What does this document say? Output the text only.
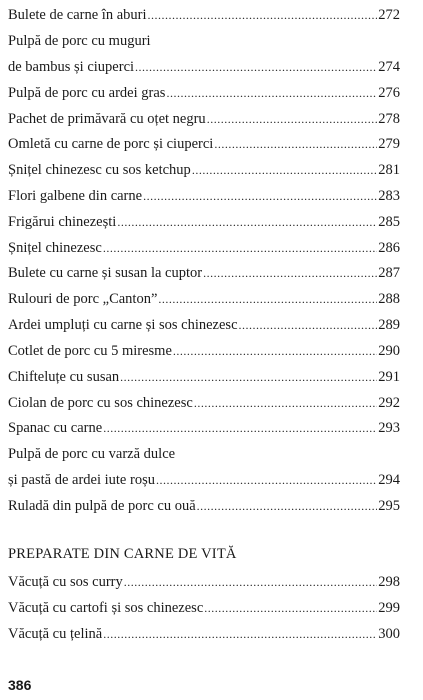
Bulete de carne în aburi .....	272
Pulpă de porc cu muguri
de bambus și ciuperci .....	274
Pulpă de porc cu ardei gras .....	276
Pachet de primăvară cu oțet negru .....	278
Omletă cu carne de porc și ciuperci .....	279
Șnițel chinezesc cu sos ketchup .....	281
Flori galbene din carne .....	283
Frigărui chinezești .....	285
Șnițel chinezesc .....	286
Bulete cu carne și susan la cuptor .....	287
Rulouri de porc „Canton” .....	288
Ardei umpluți cu carne și sos chinezesc .....	289
Cotlet de porc cu 5 miresme .....	290
Chifteluțe cu susan .....	291
Ciolan de porc cu sos chinezesc .....	292
Spanac cu carne .....	293
Pulpă de porc cu varză dulce
și pastă de ardei iute roșu .....	294
Ruladă din pulpă de porc cu ouă .....	295
PREPARATE DIN CARNE DE VITĂ
Văcuță cu sos curry .....	298
Văcuță cu cartofi și sos chinezesc .....	299
Văcuță cu țelină .....	300
386
